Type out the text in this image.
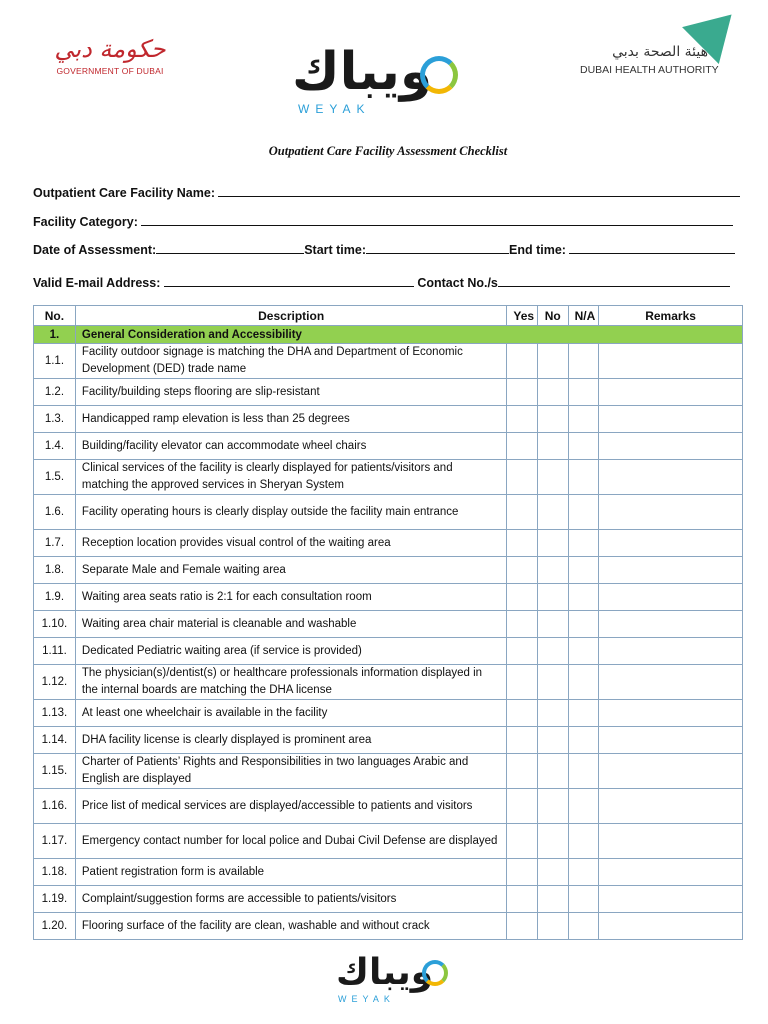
حكومة دبي
GOVERNMENT OF DUBAI ويباك
WEYAK
هيئة الصحة بدبي
DUBAI HEALTH AUTHORITY
Outpatient Care Facility Assessment Checklist
Outpatient Care Facility Name:
Facility Category:
Date of Assessment:	Start time:	End time:
Valid E-mail Address:	Contact No./s
No.	Description	Yes	No	N/A	Remarks
1.	General Consideration and Accessibility				
1.1.	Facility outdoor signage is matching the DHA and Department of Economic Development (DED) trade name				
1.2.	Facility/building steps flooring are slip-resistant				
1.3.	Handicapped ramp elevation is less than 25 degrees				
1.4.	Building/facility elevator can accommodate wheel chairs				
1.5.	Clinical services of the facility is clearly displayed for patients/visitors and matching the approved services in Sheryan System				
1.6.	Facility operating hours is clearly display outside the facility main entrance				
1.7.	Reception location provides visual control of the waiting area				
1.8.	Separate Male and Female waiting area				
1.9.	Waiting area seats ratio is 2:1 for each consultation room				
1.10.	Waiting area chair material is cleanable and washable				
1.11.	Dedicated Pediatric waiting area (if service is provided)				
1.12.	The physician(s)/dentist(s) or healthcare professionals information displayed in the internal boards are matching the DHA license				
1.13.	At least one wheelchair is available in the facility				
1.14.	DHA facility license is clearly displayed is prominent area				
1.15.	Charter of Patients’ Rights and Responsibilities in two languages Arabic and English are displayed				
1.16.	Price list of medical services are displayed/accessible to patients and visitors				
1.17.	Emergency contact number for local police and Dubai Civil Defense are displayed				
1.18.	Patient registration form is available				
1.19.	Complaint/suggestion forms are accessible to patients/visitors				
1.20.	Flooring surface of the facility are clean, washable and without crack				
ويباك
WEYAK
